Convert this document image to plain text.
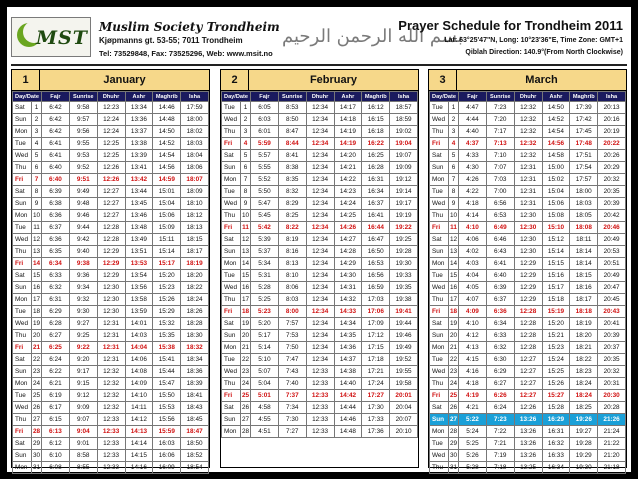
MST Muslim Society Trondheim
Kjøpmanns gt. 53-55; 7011 Trondheim
Tel: 73529848, Fax: 73525296, Web: www.msit.no
بسم الله الرحمن الرحيم
Prayer Schedule for Trondheim 2011
Lat: 63°25'47"N, Long: 10°23'36"E, Time Zone: GMT+1
Qiblah Direction: 140.9°(From North Clockwise)
1	January
Day/Date		Fajr	Sunrise	Dhuhr	Ashr	Maghrib	Isha
Sat	1	6:42	9:58	12:23	13:34	14:46	17:59
Sun	2	6:42	9:57	12:24	13:36	14:48	18:00
Mon	3	6:42	9:56	12:24	13:37	14:50	18:02
Tue	4	6:41	9:55	12:25	13:38	14:52	18:03
Wed	5	6:41	9:53	12:25	13:39	14:54	18:04
Thu	6	6:40	9:52	12:26	13:41	14:56	18:06
Fri	7	6:40	9:51	12:26	13:42	14:59	18:07
Sat	8	6:39	9:49	12:27	13:44	15:01	18:09
Sun	9	6:38	9:48	12:27	13:45	15:04	18:10
Mon	10	6:36	9:46	12:27	13:46	15:06	18:12
Tue	11	6:37	9:44	12:28	13:48	15:09	18:13
Wed	12	6:36	9:42	12:28	13:49	15:11	18:15
Thu	13	6:35	9:40	12:29	13:51	15:14	18:17
Fri	14	6:34	9:38	12:29	13:53	15:17	18:19
Sat	15	6:33	9:36	12:29	13:54	15:20	18:20
Sun	16	6:32	9:34	12:30	13:56	15:23	18:22
Mon	17	6:31	9:32	12:30	13:58	15:26	18:24
Tue	18	6:29	9:30	12:30	13:59	15:29	18:26
Wed	19	6:28	9:27	12:31	14:01	15:32	18:28
Thu	20	6:27	9:25	12:31	14:03	15:35	18:30
Fri	21	6:25	9:22	12:31	14:04	15:38	18:32
Sat	22	6:24	9:20	12:31	14:06	15:41	18:34
Sun	23	6:22	9:17	12:32	14:08	15:44	18:36
Mon	24	6:21	9:15	12:32	14:09	15:47	18:39
Tue	25	6:19	9:12	12:32	14:10	15:50	18:41
Wed	26	6:17	9:09	12:32	14:11	15:53	18:43
Thu	27	6:15	9:07	12:33	14:12	15:56	18:45
Fri	28	6:13	9:04	12:33	14:13	15:59	18:47
Sat	29	6:12	9:01	12:33	14:14	16:03	18:50
Sun	30	6:10	8:58	12:33	14:15	16:06	18:52
Mon	31	6:08	8:55	12:33	14:16	16:09	18:54
2	February
Day/Date		Fajr	Sunrise	Dhuhr	Ashr	Maghrib	Isha
Tue	1	6:05	8:53	12:34	14:17	16:12	18:57
Wed	2	6:03	8:50	12:34	14:18	16:15	18:59
Thu	3	6:01	8:47	12:34	14:19	16:18	19:02
Fri	4	5:59	8:44	12:34	14:19	16:22	19:04
Sat	5	5:57	8:41	12:34	14:20	16:25	19:07
Sun	6	5:55	8:38	12:34	14:21	16:28	19:09
Mon	7	5:52	8:35	12:34	14:22	16:31	19:12
Tue	8	5:50	8:32	12:34	14:23	16:34	19:14
Wed	9	5:47	8:29	12:34	14:24	16:37	19:17
Thu	10	5:45	8:25	12:34	14:25	16:41	19:19
Fri	11	5:42	8:22	12:34	14:26	16:44	19:22
Sat	12	5:39	8:19	12:34	14:27	16:47	19:25
Sun	13	5:37	8:16	12:34	14:28	16:50	19:28
Mon	14	5:34	8:13	12:34	14:29	16:53	19:30
Tue	15	5:31	8:10	12:34	14:30	16:56	19:33
Wed	16	5:28	8:06	12:34	14:31	16:59	19:35
Thu	17	5:25	8:03	12:34	14:32	17:03	19:38
Fri	18	5:23	8:00	12:34	14:33	17:06	19:41
Sat	19	5:20	7:57	12:34	14:34	17:09	19:44
Sun	20	5:17	7:53	12:34	14:35	17:12	19:46
Mon	21	5:14	7:50	12:34	14:36	17:15	19:49
Tue	22	5:10	7:47	12:34	14:37	17:18	19:52
Wed	23	5:07	7:43	12:33	14:38	17:21	19:55
Thu	24	5:04	7:40	12:33	14:40	17:24	19:58
Fri	25	5:01	7:37	12:33	14:42	17:27	20:01
Sat	26	4:58	7:34	12:33	14:44	17:30	20:04
Sun	27	4:55	7:30	12:33	14:46	17:33	20:07
Mon	28	4:51	7:27	12:33	14:48	17:36	20:10
3	March
Day/Date		Fajr	Sunrise	Dhuhr	Ashr	Maghrib	Isha
Tue	1	4:47	7:23	12:32	14:50	17:39	20:13
Wed	2	4:44	7:20	12:32	14:52	17:42	20:16
Thu	3	4:40	7:17	12:32	14:54	17:45	20:19
Fri	4	4:37	7:13	12:32	14:56	17:48	20:22
Sat	5	4:33	7:10	12:32	14:58	17:51	20:26
Sun	6	4:30	7:07	12:31	15:00	17:54	20:29
Mon	7	4:26	7:03	12:31	15:02	17:57	20:32
Tue	8	4:22	7:00	12:31	15:04	18:00	20:35
Wed	9	4:18	6:56	12:31	15:06	18:03	20:39
Thu	10	4:14	6:53	12:30	15:08	18:05	20:42
Fri	11	4:10	6:49	12:30	15:10	18:08	20:46
Sat	12	4:06	6:46	12:30	15:12	18:11	20:49
Sun	13	4:02	6:43	12:30	15:14	18:14	20:53
Mon	14	4:03	6:41	12:29	15:15	18:14	20:51
Tue	15	4:04	6:40	12:29	15:16	18:15	20:49
Wed	16	4:05	6:39	12:29	15:17	18:16	20:47
Thu	17	4:07	6:37	12:29	15:18	18:17	20:45
Fri	18	4:09	6:36	12:28	15:19	18:18	20:43
Sat	19	4:10	6:34	12:28	15:20	18:19	20:41
Sun	20	4:12	6:33	12:28	15:21	18:20	20:39
Mon	21	4:13	6:32	12:28	15:23	18:21	20:37
Tue	22	4:15	6:30	12:27	15:24	18:22	20:35
Wed	23	4:16	6:29	12:27	15:25	18:23	20:32
Thu	24	4:18	6:27	12:27	15:26	18:24	20:31
Fri	25	4:19	6:26	12:27	15:27	18:24	20:30
Sat	26	4:21	6:24	12:26	15:28	18:25	20:28
Sun	27	5:22	7:23	13:26	16:29	19:26	21:26
Mon	28	5:24	7:22	13:26	16:31	19:27	21:24
Tue	29	5:25	7:21	13:26	16:32	19:28	21:22
Wed	30	5:26	7:19	13:26	16:33	19:29	21:20
Thu	31	5:28	7:18	13:25	16:34	19:30	21:18
